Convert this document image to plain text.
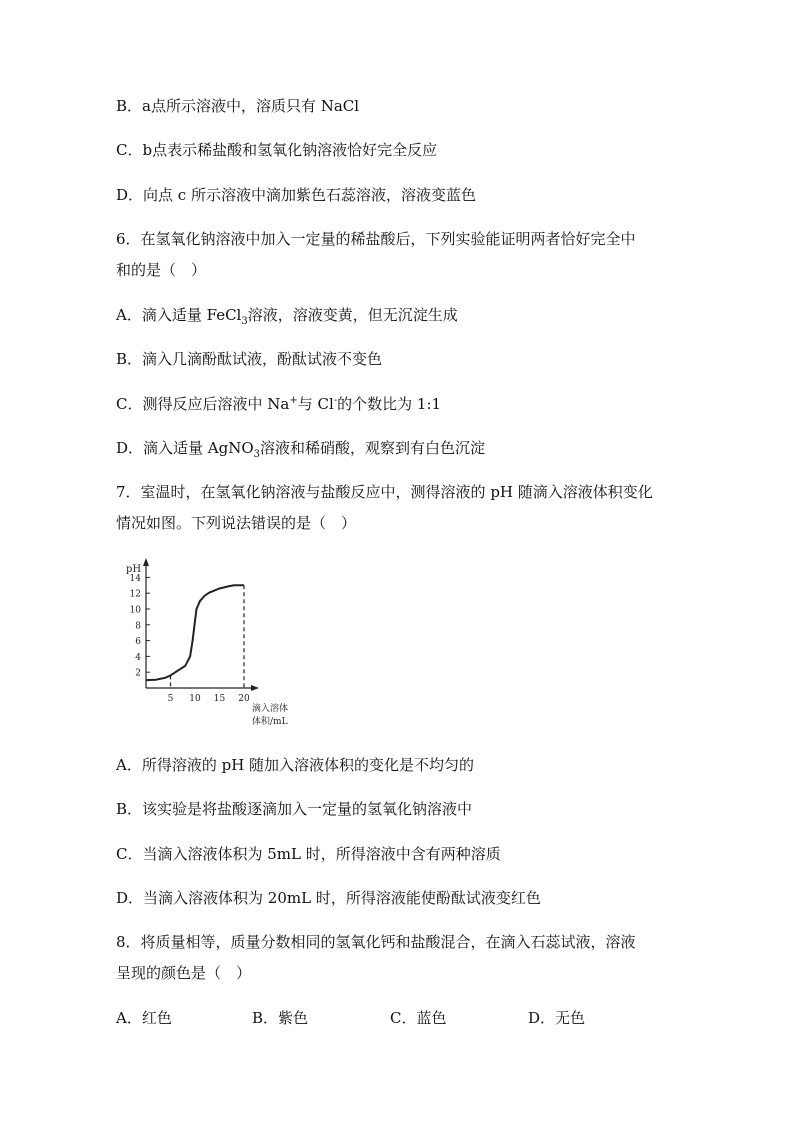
B．a点所示溶液中，溶质只有 NaCl
C．b点表示稀盐酸和氢氧化钠溶液恰好完全反应
D．向点 c 所示溶液中滴加紫色石蕊溶液，溶液变蓝色
6．在氢氧化钠溶液中加入一定量的稀盐酸后，下列实验能证明两者恰好完全中
和的是（　）
A．滴入适量 FeCl$_3$溶液，溶液变黄，但无沉淀生成
B．滴入几滴酚酞试液，酚酞试液不变色
C．测得反应后溶液中 Na+与 Cl-的个数比为 1:1
D．滴入适量 AgNO$_3$溶液和稀硝酸，观察到有白色沉淀
7．室温时，在氢氧化钠溶液与盐酸反应中，测得溶液的 pH 随滴入溶液体积变化
情况如图。下列说法错误的是（　）
pH
滴入溶体
体积/mL
2
4
6
8
10
12
14
5 10 15 20
A．所得溶液的 pH 随加入溶液体积的变化是不均匀的
B．该实验是将盐酸逐滴加入一定量的氢氧化钠溶液中
C．当滴入溶液体积为 5mL 时，所得溶液中含有两种溶质
D．当滴入溶液体积为 20mL 时，所得溶液能使酚酞试液变红色
8．将质量相等，质量分数相同的氢氧化钙和盐酸混合，在滴入石蕊试液，溶液
呈现的颜色是（　）
A．红色	B．紫色	C．蓝色	D．无色
